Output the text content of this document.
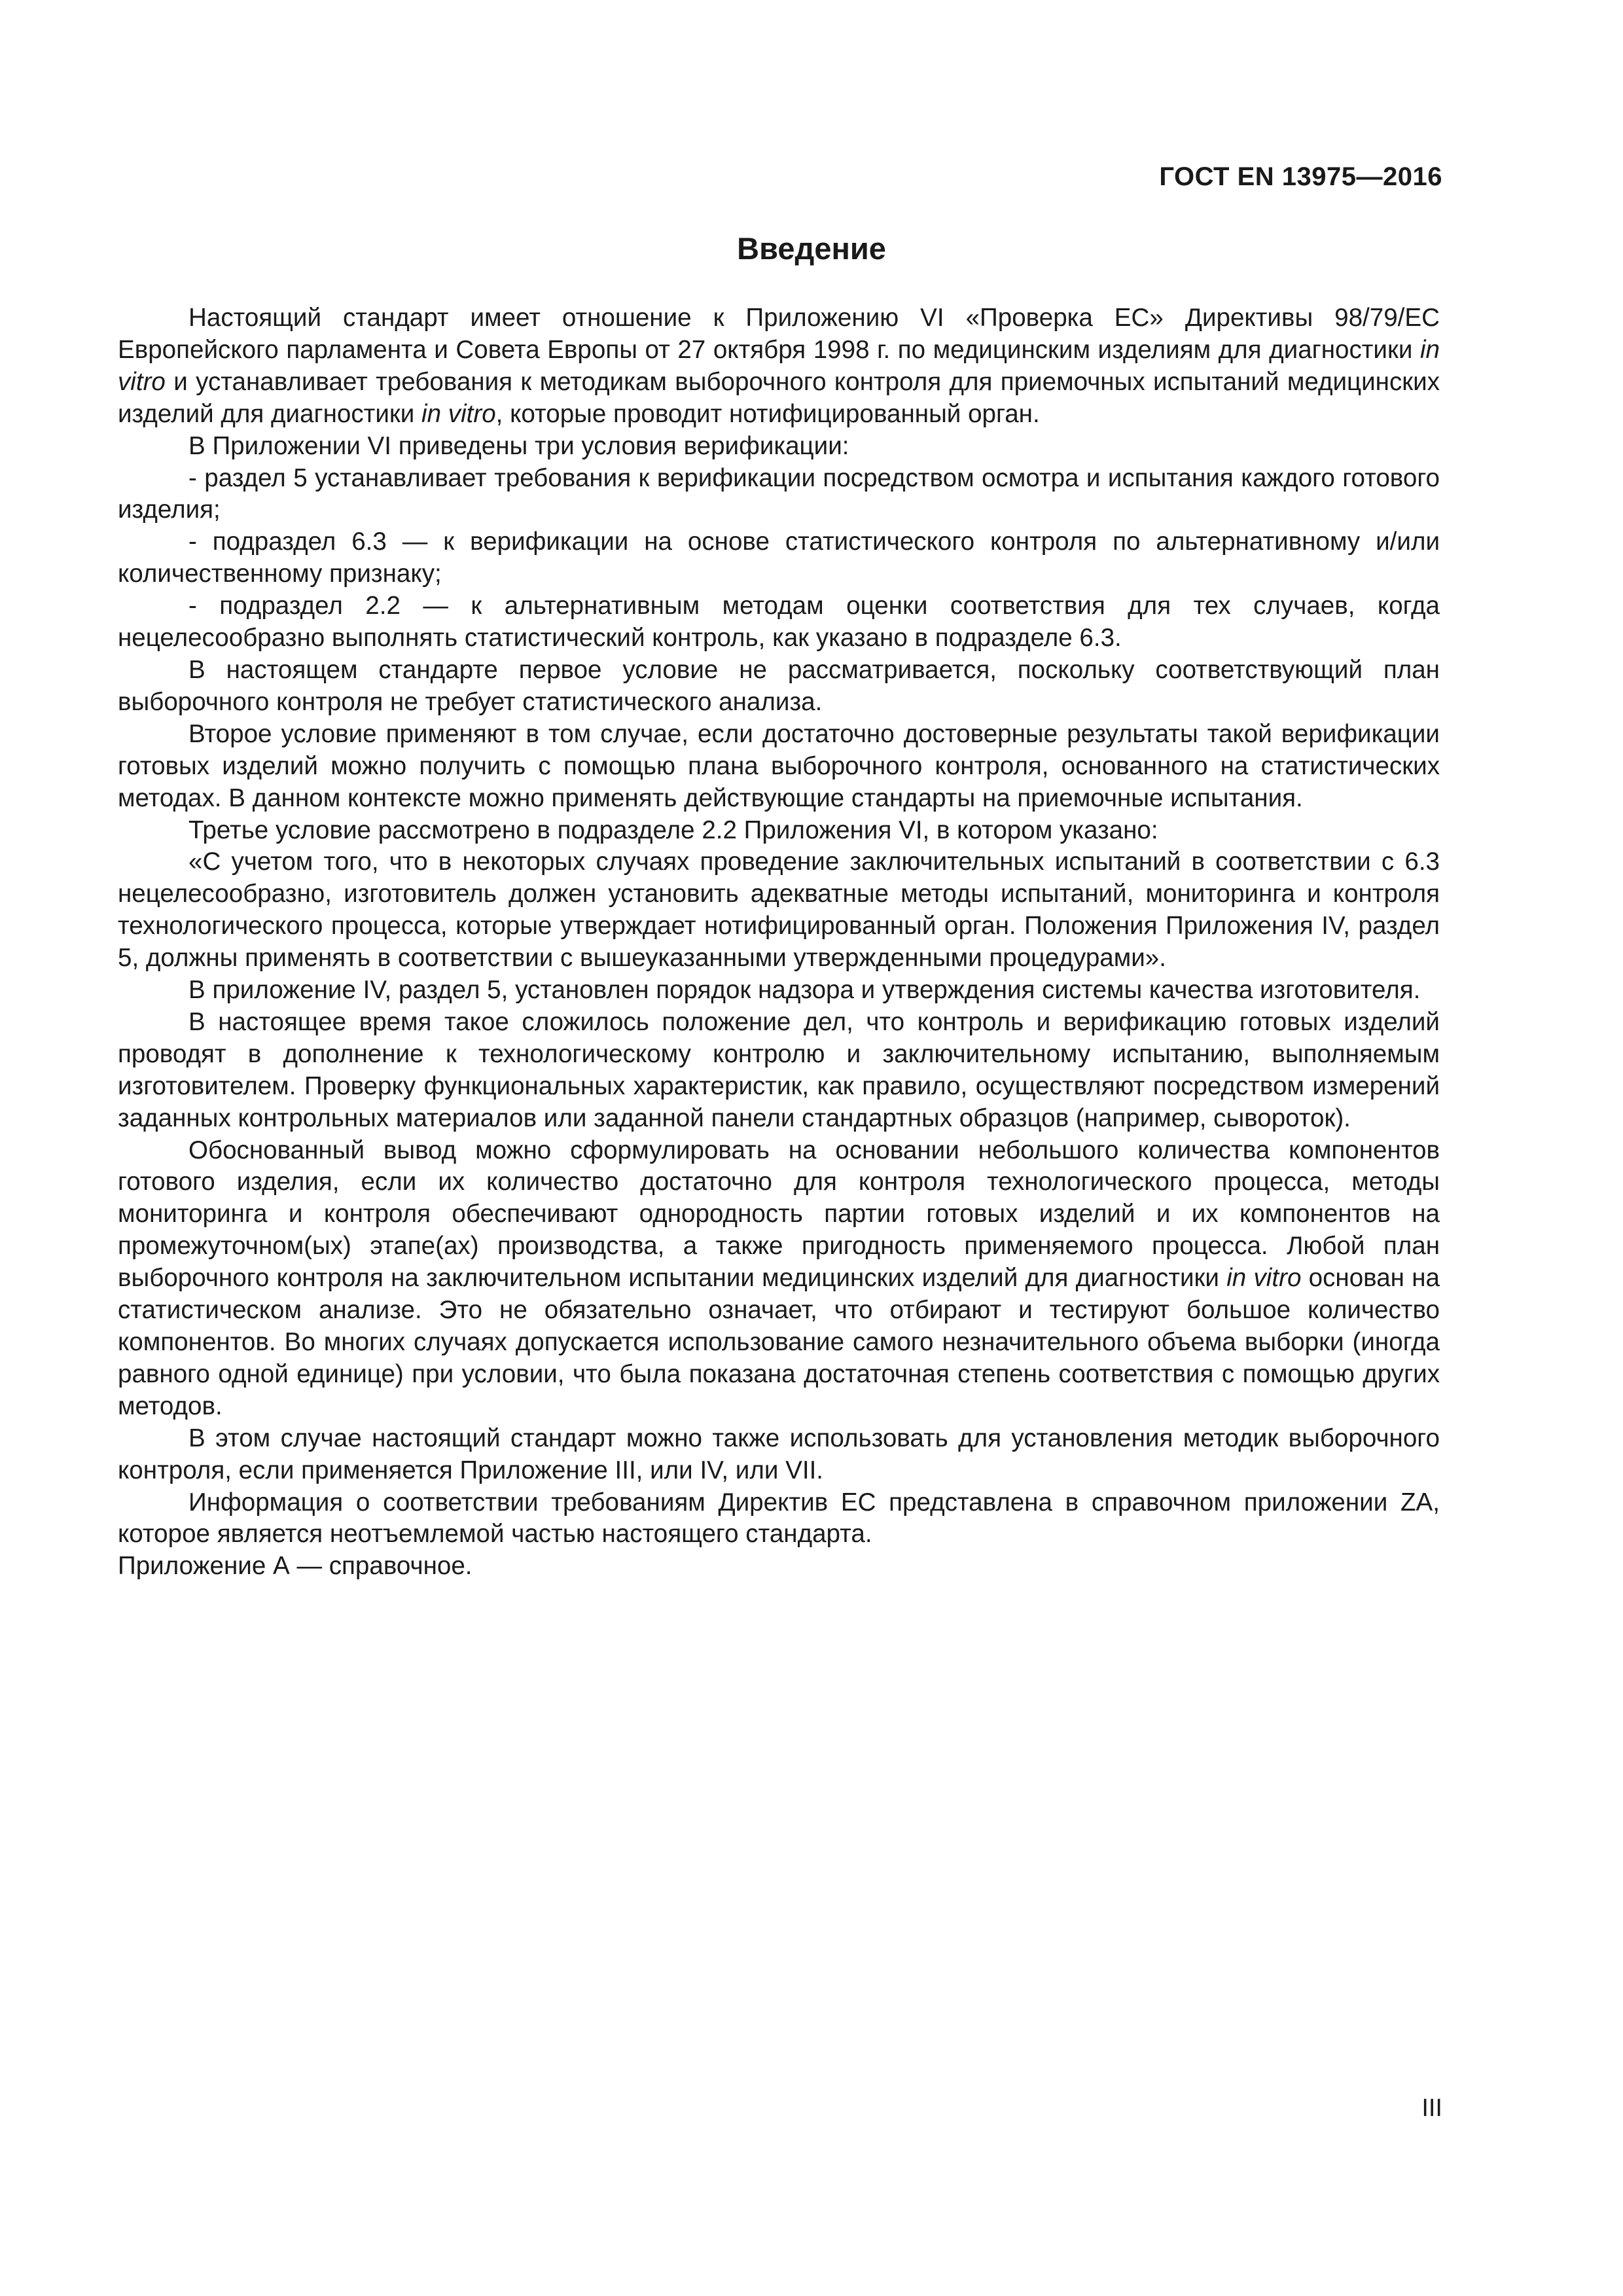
ГОСТ EN 13975—2016
Введение

Настоящий стандарт имеет отношение к Приложению VI «Проверка ЕС» Директивы 98/79/ЕС Европейского парламента и Совета Европы от 27 октября 1998 г. по медицинским изделиям для диагностики in vitro и устанавливает требования к методикам выборочного контроля для приемочных испытаний медицинских изделий для диагностики in vitro, которые проводит нотифицированный орган.

В Приложении VI приведены три условия верификации:

- раздел 5 устанавливает требования к верификации посредством осмотра и испытания каждого готового изделия;

- подраздел 6.3 — к верификации на основе статистического контроля по альтернативному и/или количественному признаку;

- подраздел 2.2 — к альтернативным методам оценки соответствия для тех случаев, когда нецелесообразно выполнять статистический контроль, как указано в подразделе 6.3.

В настоящем стандарте первое условие не рассматривается, поскольку соответствующий план выборочного контроля не требует статистического анализа.

Второе условие применяют в том случае, если достаточно достоверные результаты такой верификации готовых изделий можно получить с помощью плана выборочного контроля, основанного на статистических методах. В данном контексте можно применять действующие стандарты на приемочные испытания.

Третье условие рассмотрено в подразделе 2.2 Приложения VI, в котором указано:

«С учетом того, что в некоторых случаях проведение заключительных испытаний в соответствии с 6.3 нецелесообразно, изготовитель должен установить адекватные методы испытаний, мониторинга и контроля технологического процесса, которые утверждает нотифицированный орган. Положения Приложения IV, раздел 5, должны применять в соответствии с вышеуказанными утвержденными процедурами».

В приложение IV, раздел 5, установлен порядок надзора и утверждения системы качества изготовителя.

В настоящее время такое сложилось положение дел, что контроль и верификацию готовых изделий проводят в дополнение к технологическому контролю и заключительному испытанию, выполняемым изготовителем. Проверку функциональных характеристик, как правило, осуществляют посредством измерений заданных контрольных материалов или заданной панели стандартных образцов (например, сывороток).

Обоснованный вывод можно сформулировать на основании небольшого количества компонентов готового изделия, если их количество достаточно для контроля технологического процесса, методы мониторинга и контроля обеспечивают однородность партии готовых изделий и их компонентов на промежуточном(ых) этапе(ах) производства, а также пригодность применяемого процесса. Любой план выборочного контроля на заключительном испытании медицинских изделий для диагностики in vitro основан на статистическом анализе. Это не обязательно означает, что отбирают и тестируют большое количество компонентов. Во многих случаях допускается использование самого незначительного объема выборки (иногда равного одной единице) при условии, что была показана достаточная степень соответствия с помощью других методов.

В этом случае настоящий стандарт можно также использовать для установления методик выборочного контроля, если применяется Приложение III, или IV, или VII.

Информация о соответствии требованиям Директив ЕС представлена в справочном приложении ZA, которое является неотъемлемой частью настоящего стандарта.

Приложение А — справочное.

III
